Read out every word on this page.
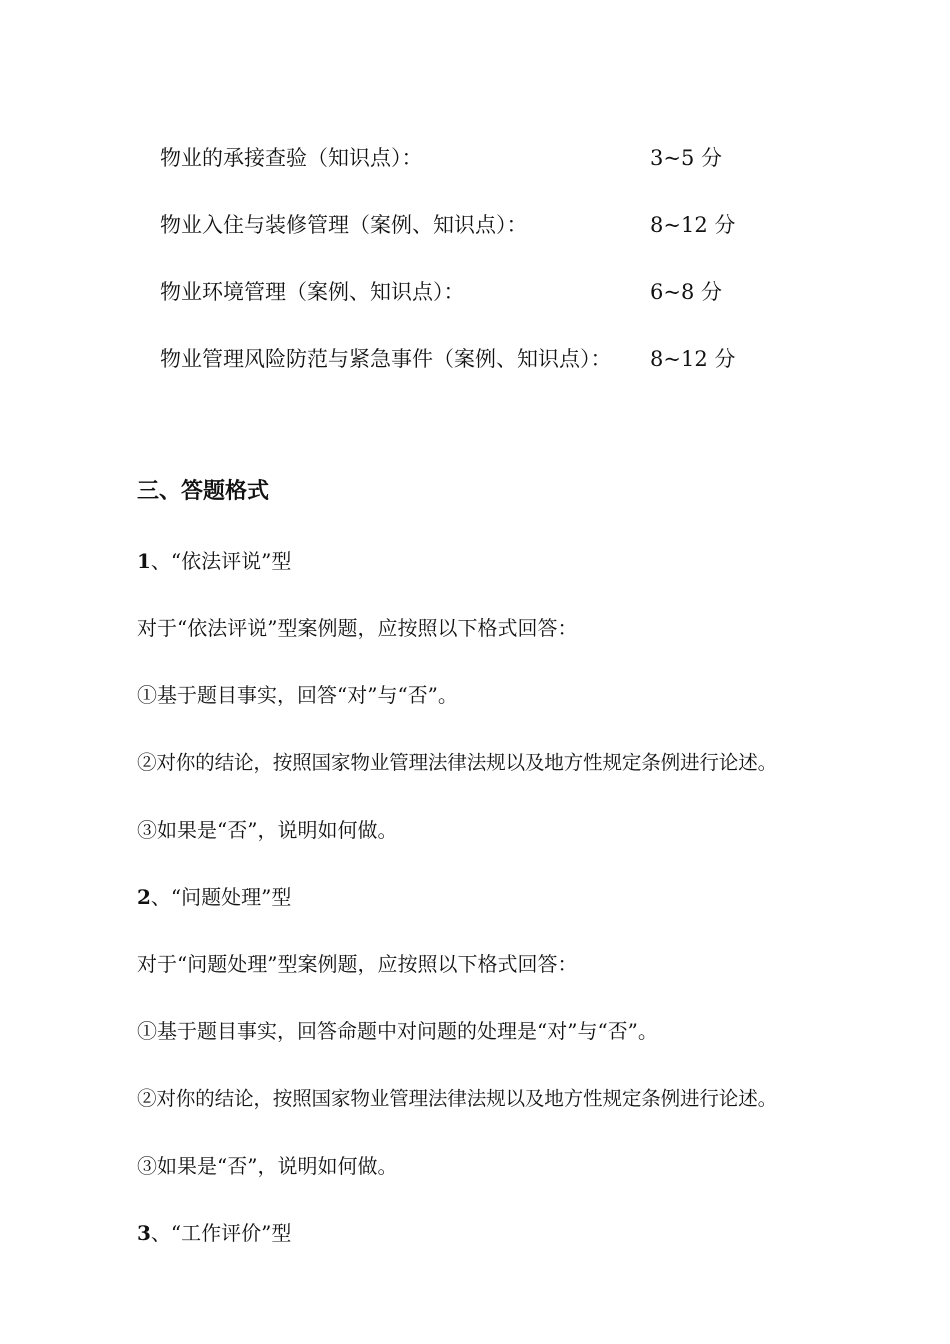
物业的承接查验（知识点）：	3~5 分
物业入住与装修管理（案例、知识点）：	8~12 分
物业环境管理（案例、知识点）：	6~8 分
物业管理风险防范与紧急事件（案例、知识点）： 8~12 分
三、答题格式
1、“依法评说”型
对于“依法评说”型案例题，应按照以下格式回答：
①基于题目事实，回答“对”与“否”。
②对你的结论，按照国家物业管理法律法规以及地方性规定条例进行论述。
③如果是“否”，说明如何做。
2、“问题处理”型
对于“问题处理”型案例题，应按照以下格式回答：
①基于题目事实，回答命题中对问题的处理是“对”与“否”。
②对你的结论，按照国家物业管理法律法规以及地方性规定条例进行论述。
③如果是“否”，说明如何做。
3、“工作评价”型
